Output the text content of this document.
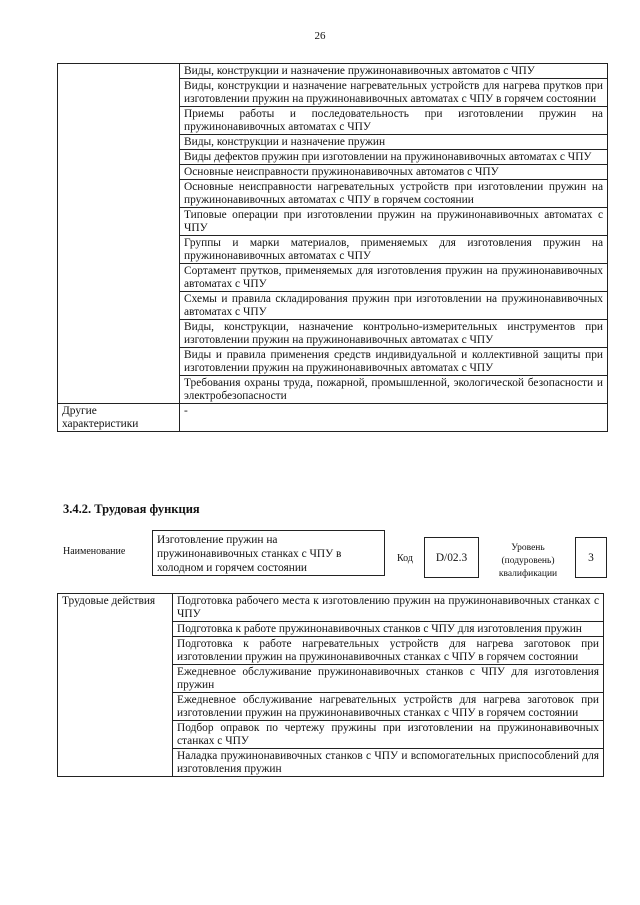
26
	Виды, конструкции и назначение пружинонавивочных автоматов с ЧПУ
	Виды, конструкции и назначение нагревательных устройств для нагрева прутков при изготовлении пружин на пружинонавивочных автоматах с ЧПУ в горячем состоянии
	Приемы работы и последовательность при изготовлении пружин на пружинонавивочных автоматах с ЧПУ
	Виды, конструкции и назначение пружин
	Виды дефектов пружин при изготовлении на пружинонавивочных автоматах с ЧПУ
	Основные неисправности пружинонавивочных автоматов с ЧПУ
	Основные неисправности нагревательных устройств при изготовлении пружин на пружинонавивочных автоматах с ЧПУ в горячем состоянии
	Типовые операции при изготовлении пружин на пружинонавивочных автоматах с ЧПУ
	Группы и марки материалов, применяемых для изготовления пружин на пружинонавивочных автоматах с ЧПУ
	Сортамент прутков, применяемых для изготовления пружин на пружинонавивочных автоматах с ЧПУ
	Схемы и правила складирования пружин при изготовлении на пружинонавивочных автоматах с ЧПУ
	Виды, конструкции, назначение контрольно-измерительных инструментов при изготовлении пружин на пружинонавивочных автоматах с ЧПУ
	Виды и правила применения средств индивидуальной и коллективной защиты при изготовлении пружин на пружинонавивочных автоматах с ЧПУ
	Требования охраны труда, пожарной, промышленной, экологической безопасности и электробезопасности
Другие характеристики	-
3.4.2. Трудовая функция
Наименование
Изготовление пружин на пружинонавивочных станках с ЧПУ в холодном и горячем состоянии
Код	D/02.3
Уровень (подуровень) квалификации
3
Трудовые действия	Подготовка рабочего места к изготовлению пружин на пружинонавивочных станках с ЧПУ
Подготовка к работе пружинонавивочных станков с ЧПУ для изготовления пружин
Подготовка к работе нагревательных устройств для нагрева заготовок при изготовлении пружин на пружинонавивочных станках с ЧПУ в горячем состоянии
Ежедневное обслуживание пружинонавивочных станков с ЧПУ для изготовления пружин
Ежедневное обслуживание нагревательных устройств для нагрева заготовок при изготовлении пружин на пружинонавивочных станках с ЧПУ в горячем состоянии
Подбор оправок по чертежу пружины при изготовлении на пружинонавивочных станках с ЧПУ
Наладка пружинонавивочных станков с ЧПУ и вспомогательных приспособлений для изготовления пружин
